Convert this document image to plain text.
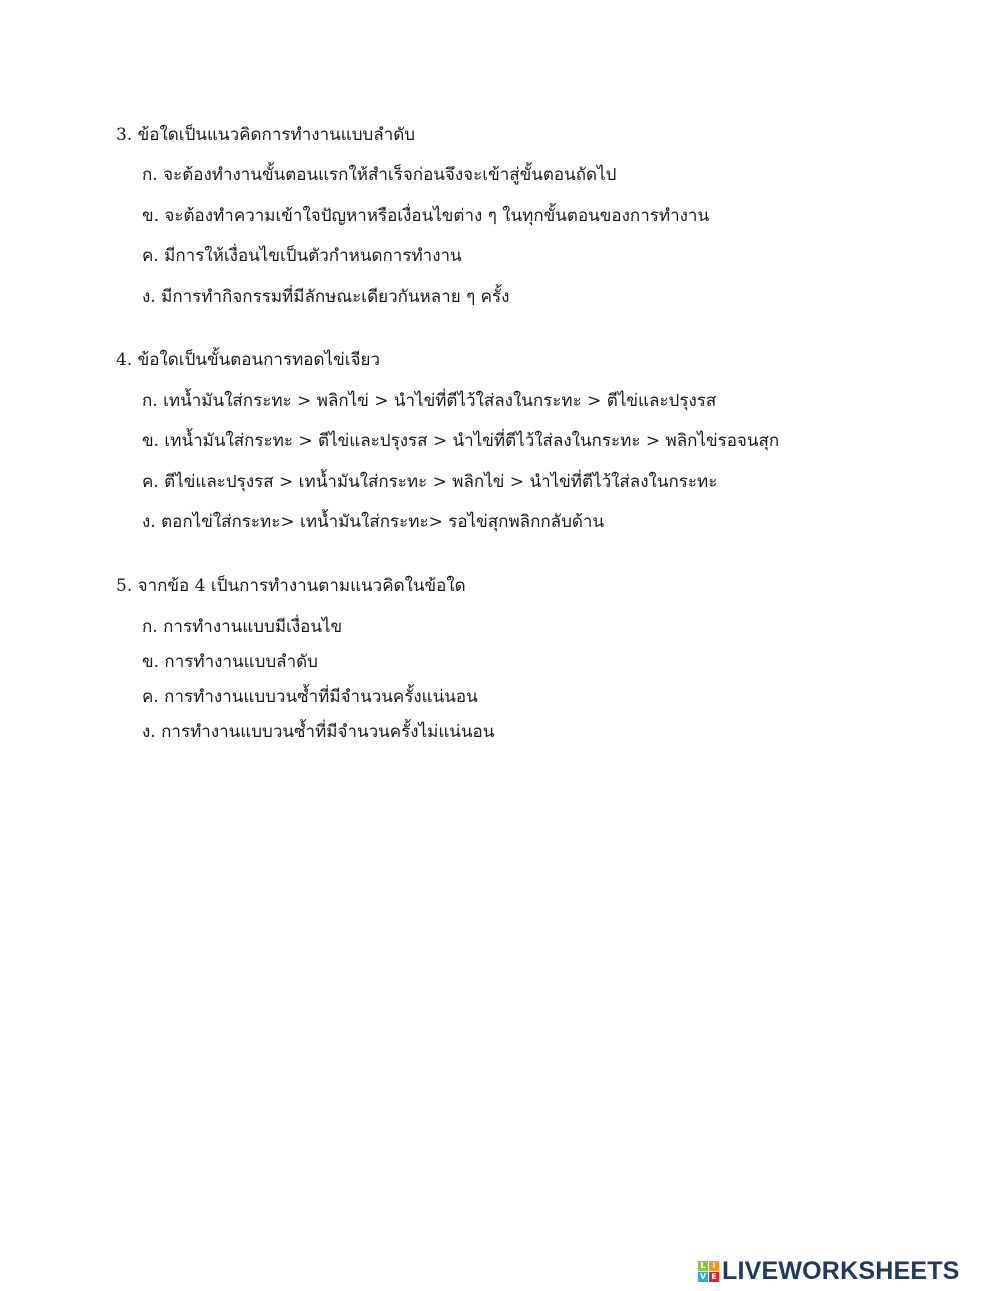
3. ข้อใดเป็นแนวคิดการทำงานแบบลำดับ
ก. จะต้องทำงานขั้นตอนแรกให้สำเร็จก่อนจึงจะเข้าสู่ขั้นตอนถัดไป
ข. จะต้องทำความเข้าใจปัญหาหรือเงื่อนไขต่าง ๆ ในทุกขั้นตอนของการทำงาน
ค. มีการให้เงื่อนไขเป็นตัวกำหนดการทำงาน
ง. มีการทำกิจกรรมที่มีลักษณะเดียวกันหลาย ๆ ครั้ง
4. ข้อใดเป็นขั้นตอนการทอดไข่เจียว
ก. เทน้ำมันใส่กระทะ > พลิกไข่ > นำไข่ที่ตีไว้ใส่ลงในกระทะ > ตีไข่และปรุงรส
ข. เทน้ำมันใส่กระทะ > ตีไข่และปรุงรส > นำไข่ที่ตีไว้ใส่ลงในกระทะ > พลิกไข่รอจนสุก
ค. ตีไข่และปรุงรส > เทน้ำมันใส่กระทะ > พลิกไข่ > นำไข่ที่ตีไว้ใส่ลงในกระทะ
ง. ตอกไข่ใส่กระทะ> เทน้ำมันใส่กระทะ> รอไข่สุกพลิกกลับด้าน
5. จากข้อ 4 เป็นการทำงานตามแนวคิดในข้อใด
ก. การทำงานแบบมีเงื่อนไข
ข. การทำงานแบบลำดับ
ค. การทำงานแบบวนซ้ำที่มีจำนวนครั้งแน่นอน
ง. การทำงานแบบวนซ้ำที่มีจำนวนครั้งไม่แน่นอน
L I
V E LIVEWORKSHEETS
